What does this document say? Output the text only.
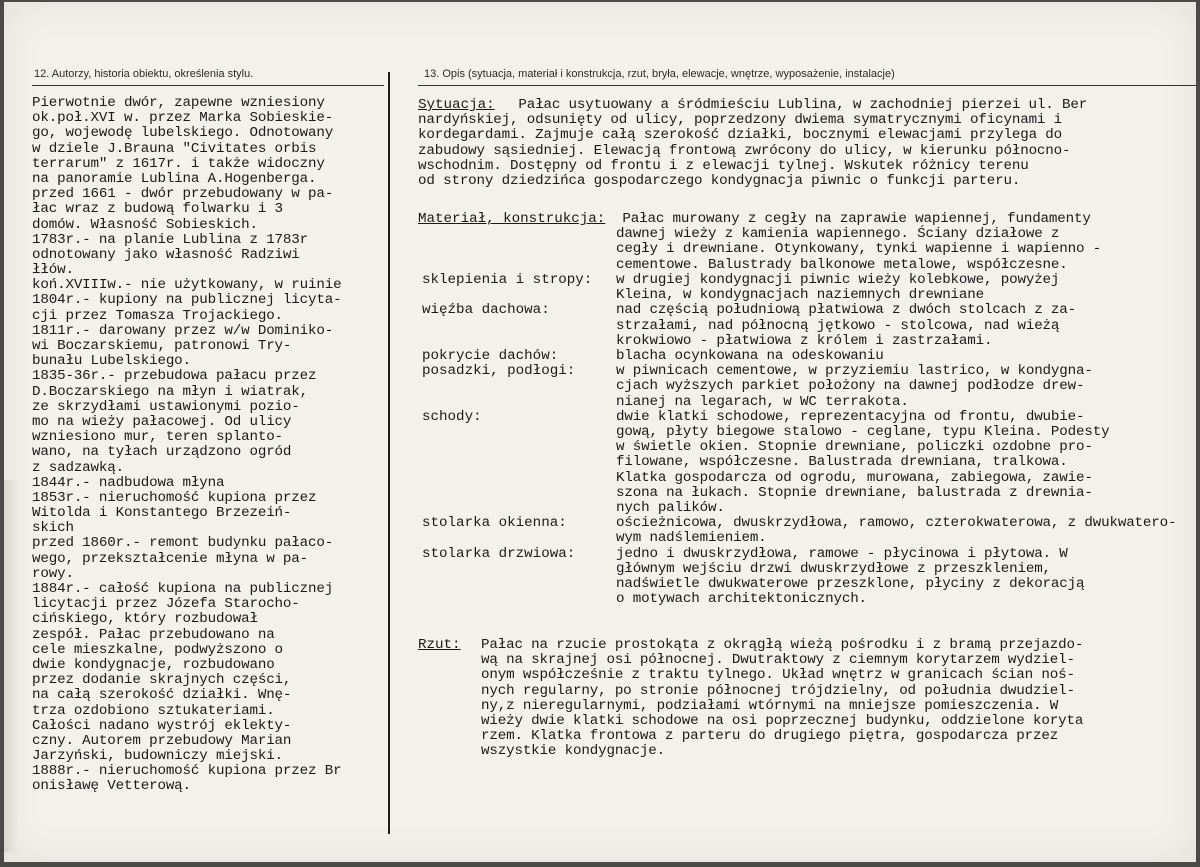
12. Autorzy, historia obiektu, określenia stylu.	13. Opis (sytuacja, materiał i konstrukcja, rzut, bryła, elewacje, wnętrze, wyposażenie, instalacje)
Pierwotnie dwór, zapewne wzniesiony
ok.poł.XVI w. przez Marka Sobieskie-
go, wojewodę lubelskiego. Odnotowany
w dziele J.Brauna "Civitates orbis
terrarum" z 1617r. i także widoczny
na panoramie Lublina A.Hogenberga.
przed 1661 - dwór przebudowany w pa-
łac wraz z budową folwarku i 3
domów. Własność Sobieskich.
1783r.- na planie Lublina z 1783r
odnotowany jako własność Radziwi
łłów.
koń.XVIIIw.- nie użytkowany, w ruinie
1804r.- kupiony na publicznej licyta-
cji przez Tomasza Trojackiego.
1811r.- darowany przez w/w Dominiko-
wi Boczarskiemu, patronowi Try-
bunału Lubelskiego.
1835-36r.- przebudowa pałacu przez
D.Boczarskiego na młyn i wiatrak,
ze skrzydłami ustawionymi pozio-
mo na wieży pałacowej. Od ulicy
wzniesiono mur, teren splanto-
wano, na tyłach urządzono ogród
z sadzawką.
1844r.- nadbudowa młyna
1853r.- nieruchomość kupiona przez
Witolda i Konstantego Brzezeiń-
skich
przed 1860r.- remont budynku pałaco-
wego, przekształcenie młyna w pa-
rowy.
1884r.- całość kupiona na publicznej
licytacji przez Józefa Starocho-
cińskiego, który rozbudował
zespół. Pałac przebudowano na
cele mieszkalne, podwyższono o
dwie kondygnacje, rozbudowano
przez dodanie skrajnych części,
na całą szerokość działki. Wnę-
trza ozdobiono sztukateriami.
Całości nadano wystrój eklekty-
czny. Autorem przebudowy Marian
Jarzyński, budowniczy miejski.
1888r.- nieruchomość kupiona przez Br
onisławę Vetterową.
Sytuacja: Pałac usytuowany a śródmieściu Lublina, w zachodniej pierzei ul. Ber
nardyńskiej, odsunięty od ulicy, poprzedzony dwiema symatrycznymi oficynami i
kordegardami. Zajmuje całą szerokość działki, bocznymi elewacjami przylega do
zabudowy sąsiedniej. Elewacją frontową zwrócony do ulicy, w kierunku północno-
wschodnim. Dostępny od frontu i z elewacji tylnej. Wskutek różnicy terenu
od strony dziedzińca gospodarczego kondygnacja piwnic o funkcji parteru.
Materiał, konstrukcja: Pałac murowany z cegły na zaprawie wapiennej, fundamenty
dawnej wieży z kamienia wapiennego. Ściany działowe z
cegły i drewniane. Otynkowany, tynki wapienne i wapienno -
cementowe. Balustrady balkonowe metalowe, współczesne.
sklepienia i stropy: w drugiej kondygnacji piwnic wieży kolebkowe, powyżej
Kleina, w kondygnacjach naziemnych drewniane
więźba dachowa:	nad częścią południową płatwiowa z dwóch stolcach z za-
strzałami, nad północną jętkowo - stolcowa, nad wieżą
krokwiowo - płatwiowa z królem i zastrzałami.
pokrycie dachów:	blacha ocynkowana na odeskowaniu
posadzki, podłogi:	w piwnicach cementowe, w przyziemiu lastrico, w kondygna-
cjach wyższych parkiet położony na dawnej podłodze drew-
nianej na legarach, w WC terrakota.
schody:	dwie klatki schodowe, reprezentacyjna od frontu, dwubie-
gową, płyty biegowe stalowo - ceglane, typu Kleina. Podesty
w świetle okien. Stopnie drewniane, policzki ozdobne pro-
filowane, współczesne. Balustrada drewniana, tralkowa.
Klatka gospodarcza od ogrodu, murowana, zabiegowa, zawie-
szona na łukach. Stopnie drewniane, balustrada z drewnia-
nych palików.
stolarka okienna:	ościeżnicowa, dwuskrzydłowa, ramowo, czterokwaterowa, z dwukwatero-
wym nadślemieniem.
stolarka drzwiowa:	jedno i dwuskrzydłowa, ramowe - płycinowa i płytowa. W
głównym wejściu drzwi dwuskrzydłowe z przeszkleniem,
nadświetle dwukwaterowe przeszklone, płyciny z dekoracją
o motywach architektonicznych.
Rzut: Pałac na rzucie prostokąta z okrągłą wieżą pośrodku i z bramą przejazdo-
wą na skrajnej osi północnej. Dwutraktowy z ciemnym korytarzem wydziel-
onym współcześnie z traktu tylnego. Układ wnętrz w granicach ścian noś-
nych regularny, po stronie północnej trójdzielny, od południa dwudziel-
ny,z nieregularnymi, podziałami wtórnymi na mniejsze pomieszczenia. W
wieży dwie klatki schodowe na osi poprzecznej budynku, oddzielone koryta
rzem. Klatka frontowa z parteru do drugiego piętra, gospodarcza przez
wszystkie kondygnacje.
